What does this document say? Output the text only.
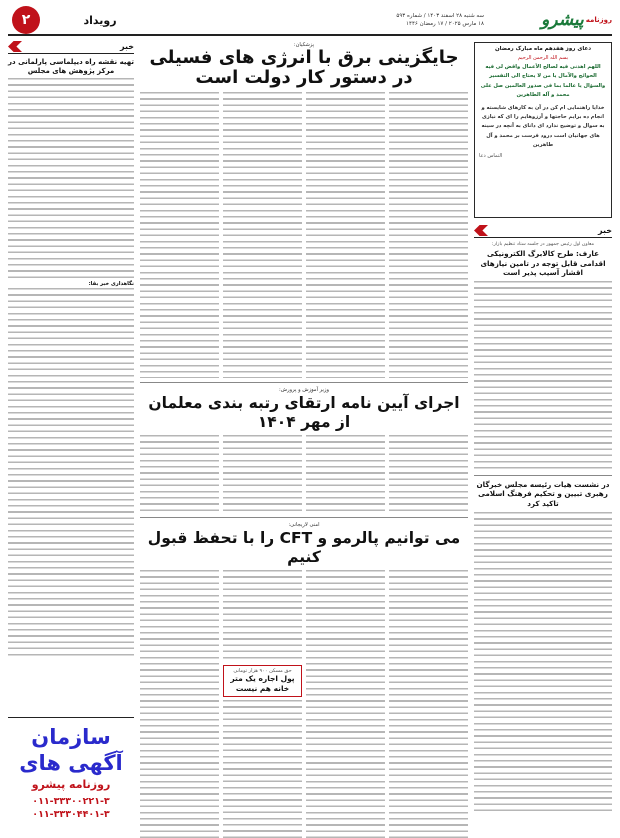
روزنامه
پیشرو
سه شنبه ۲۸ اسفند ۱۴۰۳ / شماره ۵۹۳
۱۸ مارس ۲۰۲۵ / ۱۷ رمضان ۱۴۴۶
رویداد
۲
دعای روز هفدهم ماه مبارک رمضان
بسم الله الرحمن الرحیم
اللهم اهدنی فیه لصالح الأعمال واقض لی فیه الحوائج والآمال یا من لا یحتاج الی التفسیر والسؤال یا عالما بما فی صدور العالمین صل علی محمد و آله الطاهرین
خدایا راهنمایی ام کن در آن به کارهای شایسته و انجام ده برایم حاجتها و آرزوهایم را ای که نیازی به سوال و توضیح ندارد ای دانای به آنچه در سینه های جهانیان است درود فرست بر محمد و آل طاهرین
التماس دعا
خبر
معاون اول رئیس جمهور در جلسه ستاد تنظیم بازار:
عارف: طرح کالابرگ الکترونیکی اقدامی قابل توجه در تامین نیازهای اقشار آسیب پذیر است
در نشست هیات رئیسه مجلس خبرگان رهبری تبیین و تحکیم فرهنگ اسلامی تاکید کرد
پزشکیان:
جایگزینی برق با انرژی های فسیلی
در دستور کار دولت است
وزیر آموزش و پرورش:
اجرای آیین نامه ارتقای رتبه بندی معلمان از مهر ۱۴۰۴
امنی لاریجانی:
می توانیم پالرمو و CFT را با تحفظ قبول کنیم
حق مسکن ۹۰۰ هزار تومانی
پول اجاره یک متر خانه هم نیست
خبر
تهیه نقشه راه دیپلماسی پارلمانی در مرکز پژوهش های مجلس
نگاهداری خبر بقا:
سازمان
آگهی های
روزنامه پیشرو
۰۱۱-۳۳۳۰۰۲۲۱-۳
۰۱۱-۳۳۳۰۴۴۰۱-۳
